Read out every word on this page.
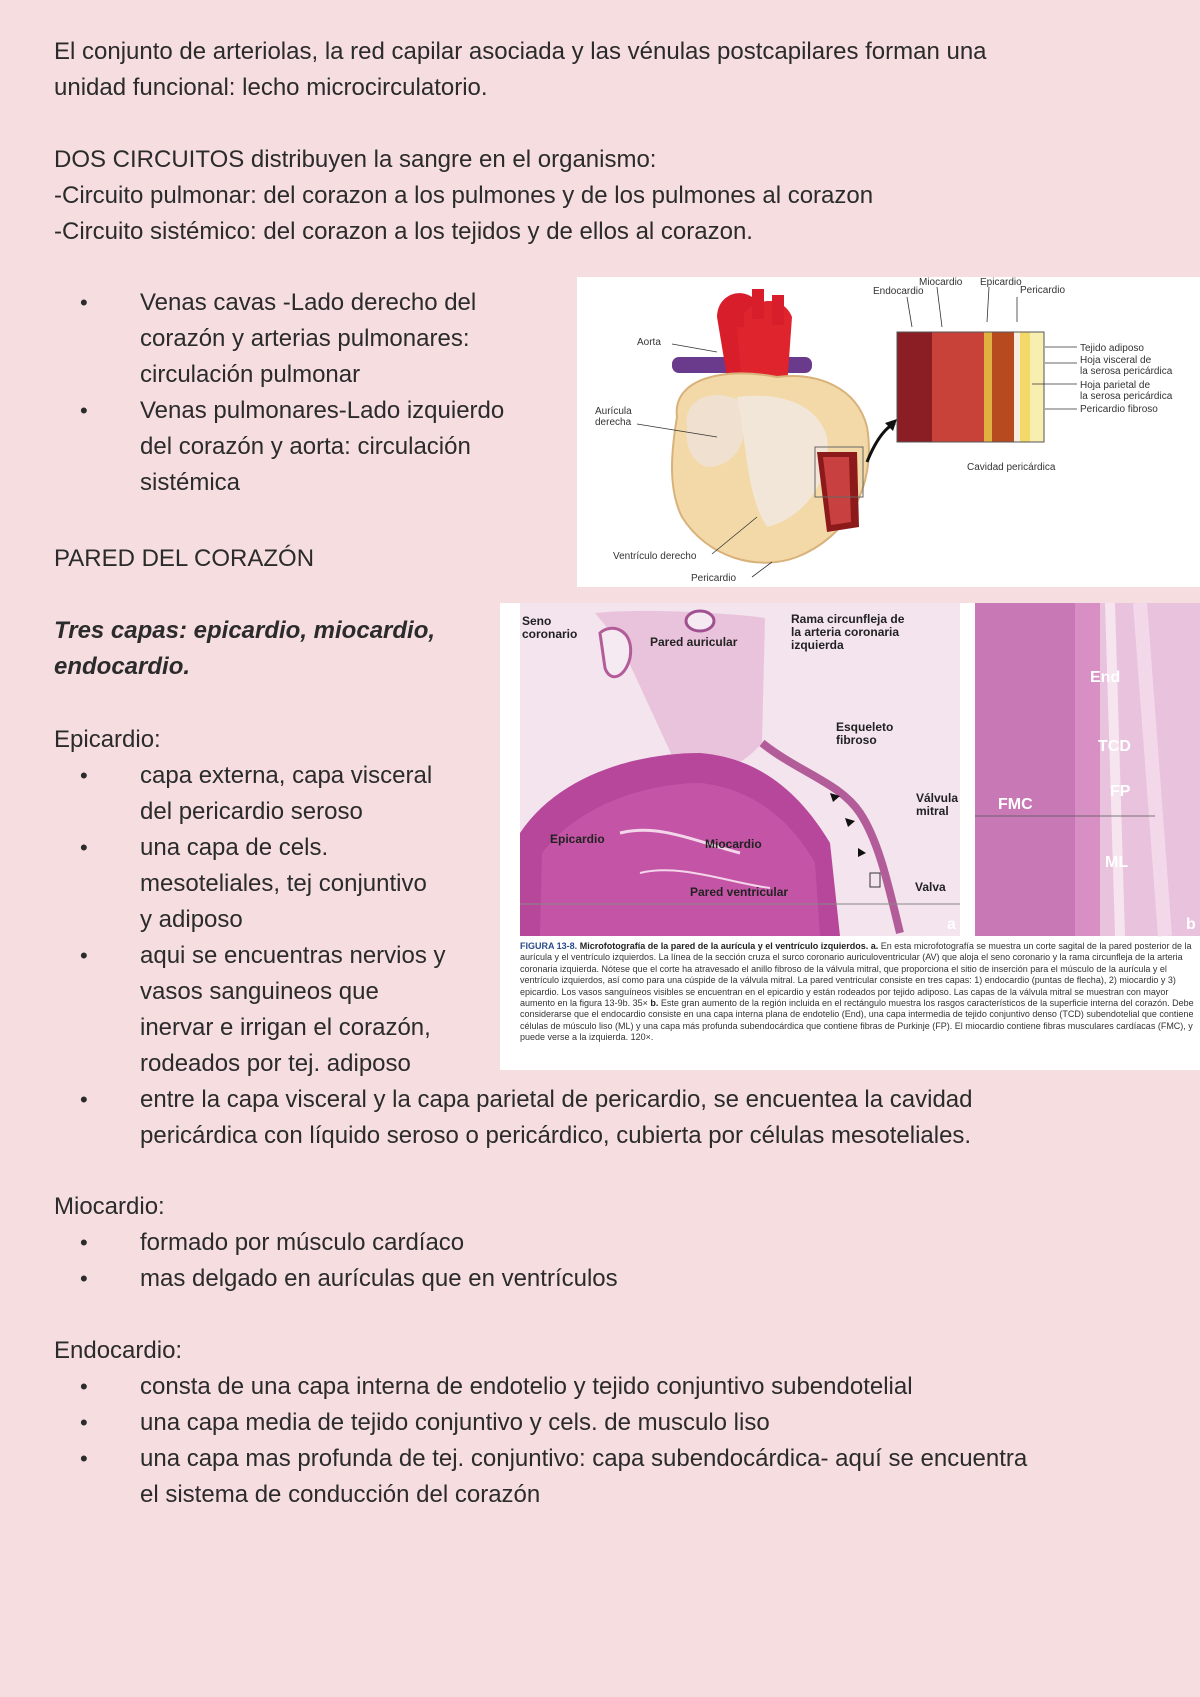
El conjunto de arteriolas, la red capilar asociada y las vénulas postcapilares forman una
unidad funcional: lecho microcirculatorio.
DOS CIRCUITOS distribuyen la sangre en el organismo:
-Circuito pulmonar: del corazon a los pulmones y de los pulmones al corazon
-Circuito sistémico: del corazon a los tejidos y de ellos al corazon.
• Venas cavas -Lado derecho del
corazón y arterias pulmonares:
circulación pulmonar
• Venas pulmonares-Lado izquierdo
del corazón y aorta: circulación
sistémica
PARED DEL CORAZÓN
Tres capas: epicardio, miocardio,
endocardio.
Epicardio:
• capa externa, capa visceral
del pericardio seroso
• una capa de cels.
mesoteliales, tej conjuntivo
y adiposo
• aqui se encuentras nervios y
vasos sanguineos que
inervar e irrigan el corazón,
rodeados por tej. adiposo
• entre la capa visceral y la capa parietal de pericardio, se encuentea la cavidad
pericárdica con líquido seroso o pericárdico, cubierta por células mesoteliales.
Miocardio:
• formado por músculo cardíaco
• mas delgado en aurículas que en ventrículos
Endocardio:
• consta de una capa interna de endotelio y tejido conjuntivo subendotelial
• una capa media de tejido conjuntivo y cels. de musculo liso
• una capa mas profunda de tej. conjuntivo: capa subendocárdica- aquí se encuentra
el sistema de conducción del corazón
Miocardio Epicardio
Endocardio	Pericardio
Aorta
Aurícula
derecha
Tejido adiposo
Hoja visceral de
la serosa pericárdica
Hoja parietal de
la serosa pericárdica
Pericardio fibroso
Cavidad pericárdica
Ventrículo derecho
Pericardio
Seno
coronario
Pared auricular
Rama circunfleja de
la arteria coronaria
izquierda
Esqueleto
fibroso
Válvula
mitral
Epicardio	Miocardio
Pared ventricular	Valva
a	b
End
TCD
FP
FMC
ML
FIGURA 13-8. Microfotografía de la pared de la aurícula y el ventrículo izquierdos. a. En esta microfotografía se muestra un corte sagital de la pared posterior de la aurícula y el ventrículo izquierdos. La línea de la sección cruza el surco coronario auriculoventricular (AV) que aloja el seno coronario y la rama circunfleja de la arteria coronaria izquierda. Nótese que el corte ha atravesado el anillo fibroso de la válvula mitral, que proporciona el sitio de inserción para el músculo de la aurícula y el ventrículo izquierdos, así como para una cúspide de la válvula mitral. La pared ventricular consiste en tres capas: 1) endocardio (puntas de flecha), 2) miocardio y 3) epicardio. Los vasos sanguíneos visibles se encuentran en el epicardio y están rodeados por tejido adiposo. Las capas de la válvula mitral se muestran con mayor aumento en la figura 13-9b. 35× b. Este gran aumento de la región incluida en el rectángulo muestra los rasgos característicos de la superficie interna del corazón. Debe considerarse que el endocardio consiste en una capa interna plana de endotelio (End), una capa intermedia de tejido conjuntivo denso (TCD) subendotelial que contiene células de músculo liso (ML) y una capa más profunda subendocárdica que contiene fibras de Purkinje (FP). El miocardio contiene fibras musculares cardíacas (FMC), y puede verse a la izquierda. 120×.
